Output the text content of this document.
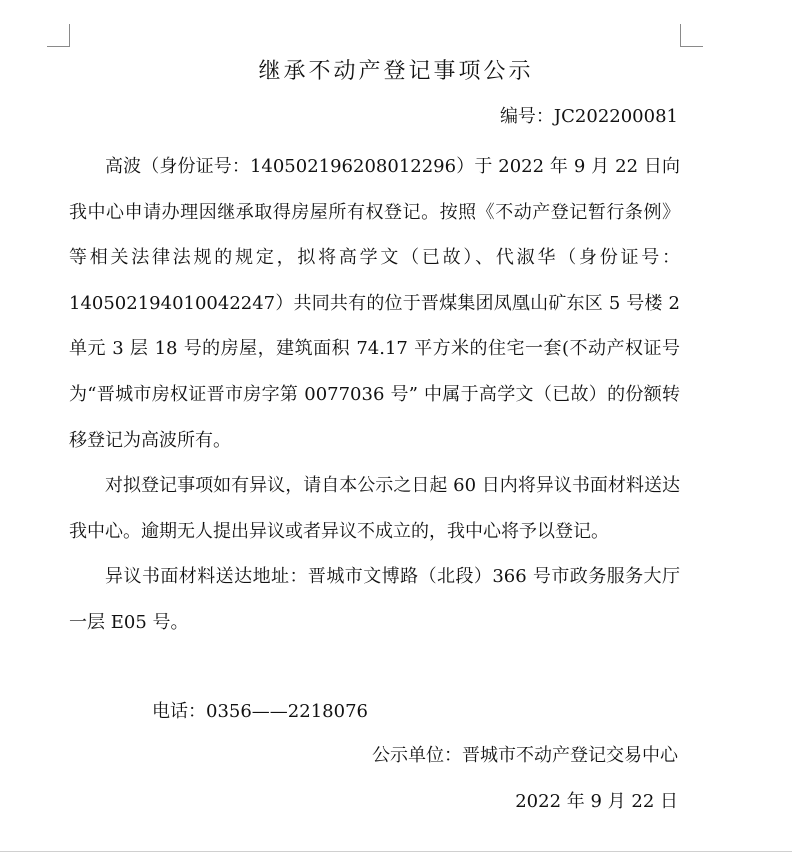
继承不动产登记事项公示
编号：JC202200081

高波（身份证号：140502196208012296）于 2022 年 9 月 22 日向我中心申请办理因继承取得房屋所有权登记。按照《不动产登记暂行条例》等相关法律法规的规定，拟将高学文（已故）、代淑华（身份证号：140502194010042247）共同共有的位于晋煤集团凤凰山矿东区 5 号楼 2 单元 3 层 18 号的房屋，建筑面积 74.17 平方米的住宅一套(不动产权证号为“晋城市房权证晋市房字第 0077036 号” 中属于高学文（已故）的份额转移登记为高波所有。

对拟登记事项如有异议，请自本公示之日起 60 日内将异议书面材料送达我中心。逾期无人提出异议或者异议不成立的，我中心将予以登记。

异议书面材料送达地址：晋城市文博路（北段）366 号市政务服务大厅一层 E05 号。

电话：0356——2218076
公示单位：晋城市不动产登记交易中心
2022 年 9 月 22 日
